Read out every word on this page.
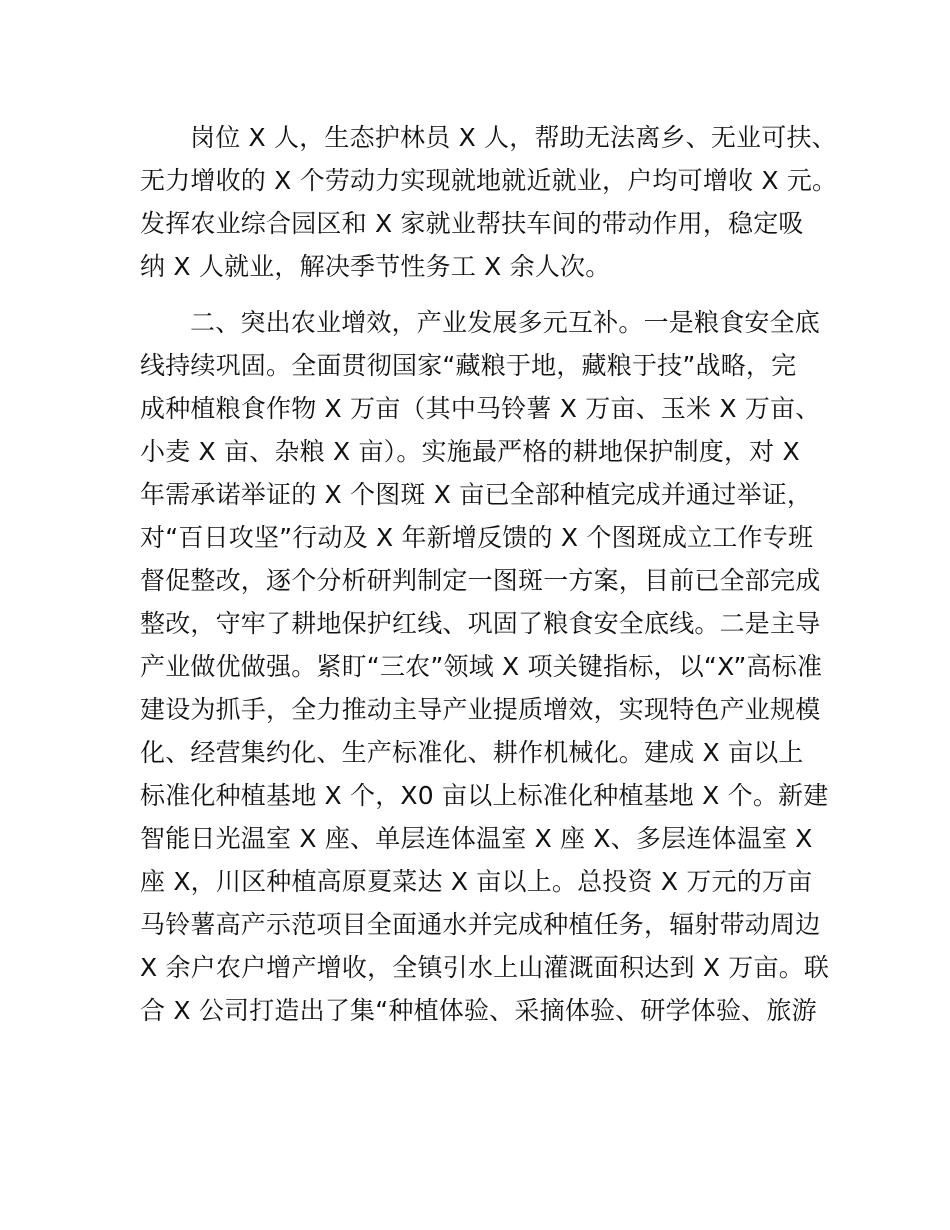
岗位 X 人，生态护林员 X 人，帮助无法离乡、无业可扶、
无力增收的 X 个劳动力实现就地就近就业，户均可增收 X 元。
发挥农业综合园区和 X 家就业帮扶车间的带动作用，稳定吸
纳 X 人就业，解决季节性务工 X 余人次。
二、突出农业增效，产业发展多元互补。一是粮食安全底
线持续巩固。全面贯彻国家“藏粮于地，藏粮于技”战略，完
成种植粮食作物 X 万亩（其中马铃薯 X 万亩、玉米 X 万亩、
小麦 X 亩、杂粮 X 亩）。实施最严格的耕地保护制度，对 X
年需承诺举证的 X 个图斑 X 亩已全部种植完成并通过举证，
对“百日攻坚”行动及 X 年新增反馈的 X 个图斑成立工作专班
督促整改，逐个分析研判制定一图斑一方案，目前已全部完成
整改，守牢了耕地保护红线、巩固了粮食安全底线。二是主导
产业做优做强。紧盯“三农”领域 X 项关键指标，以“X”高标准
建设为抓手，全力推动主导产业提质增效，实现特色产业规模
化、经营集约化、生产标准化、耕作机械化。建成 X 亩以上
标准化种植基地 X 个，X0 亩以上标准化种植基地 X 个。新建
智能日光温室 X 座、单层连体温室 X 座 X、多层连体温室 X
座 X，川区种植高原夏菜达 X 亩以上。总投资 X 万元的万亩
马铃薯高产示范项目全面通水并完成种植任务，辐射带动周边
X 余户农户增产增收，全镇引水上山灌溉面积达到 X 万亩。联
合 X 公司打造出了集“种植体验、采摘体验、研学体验、旅游
